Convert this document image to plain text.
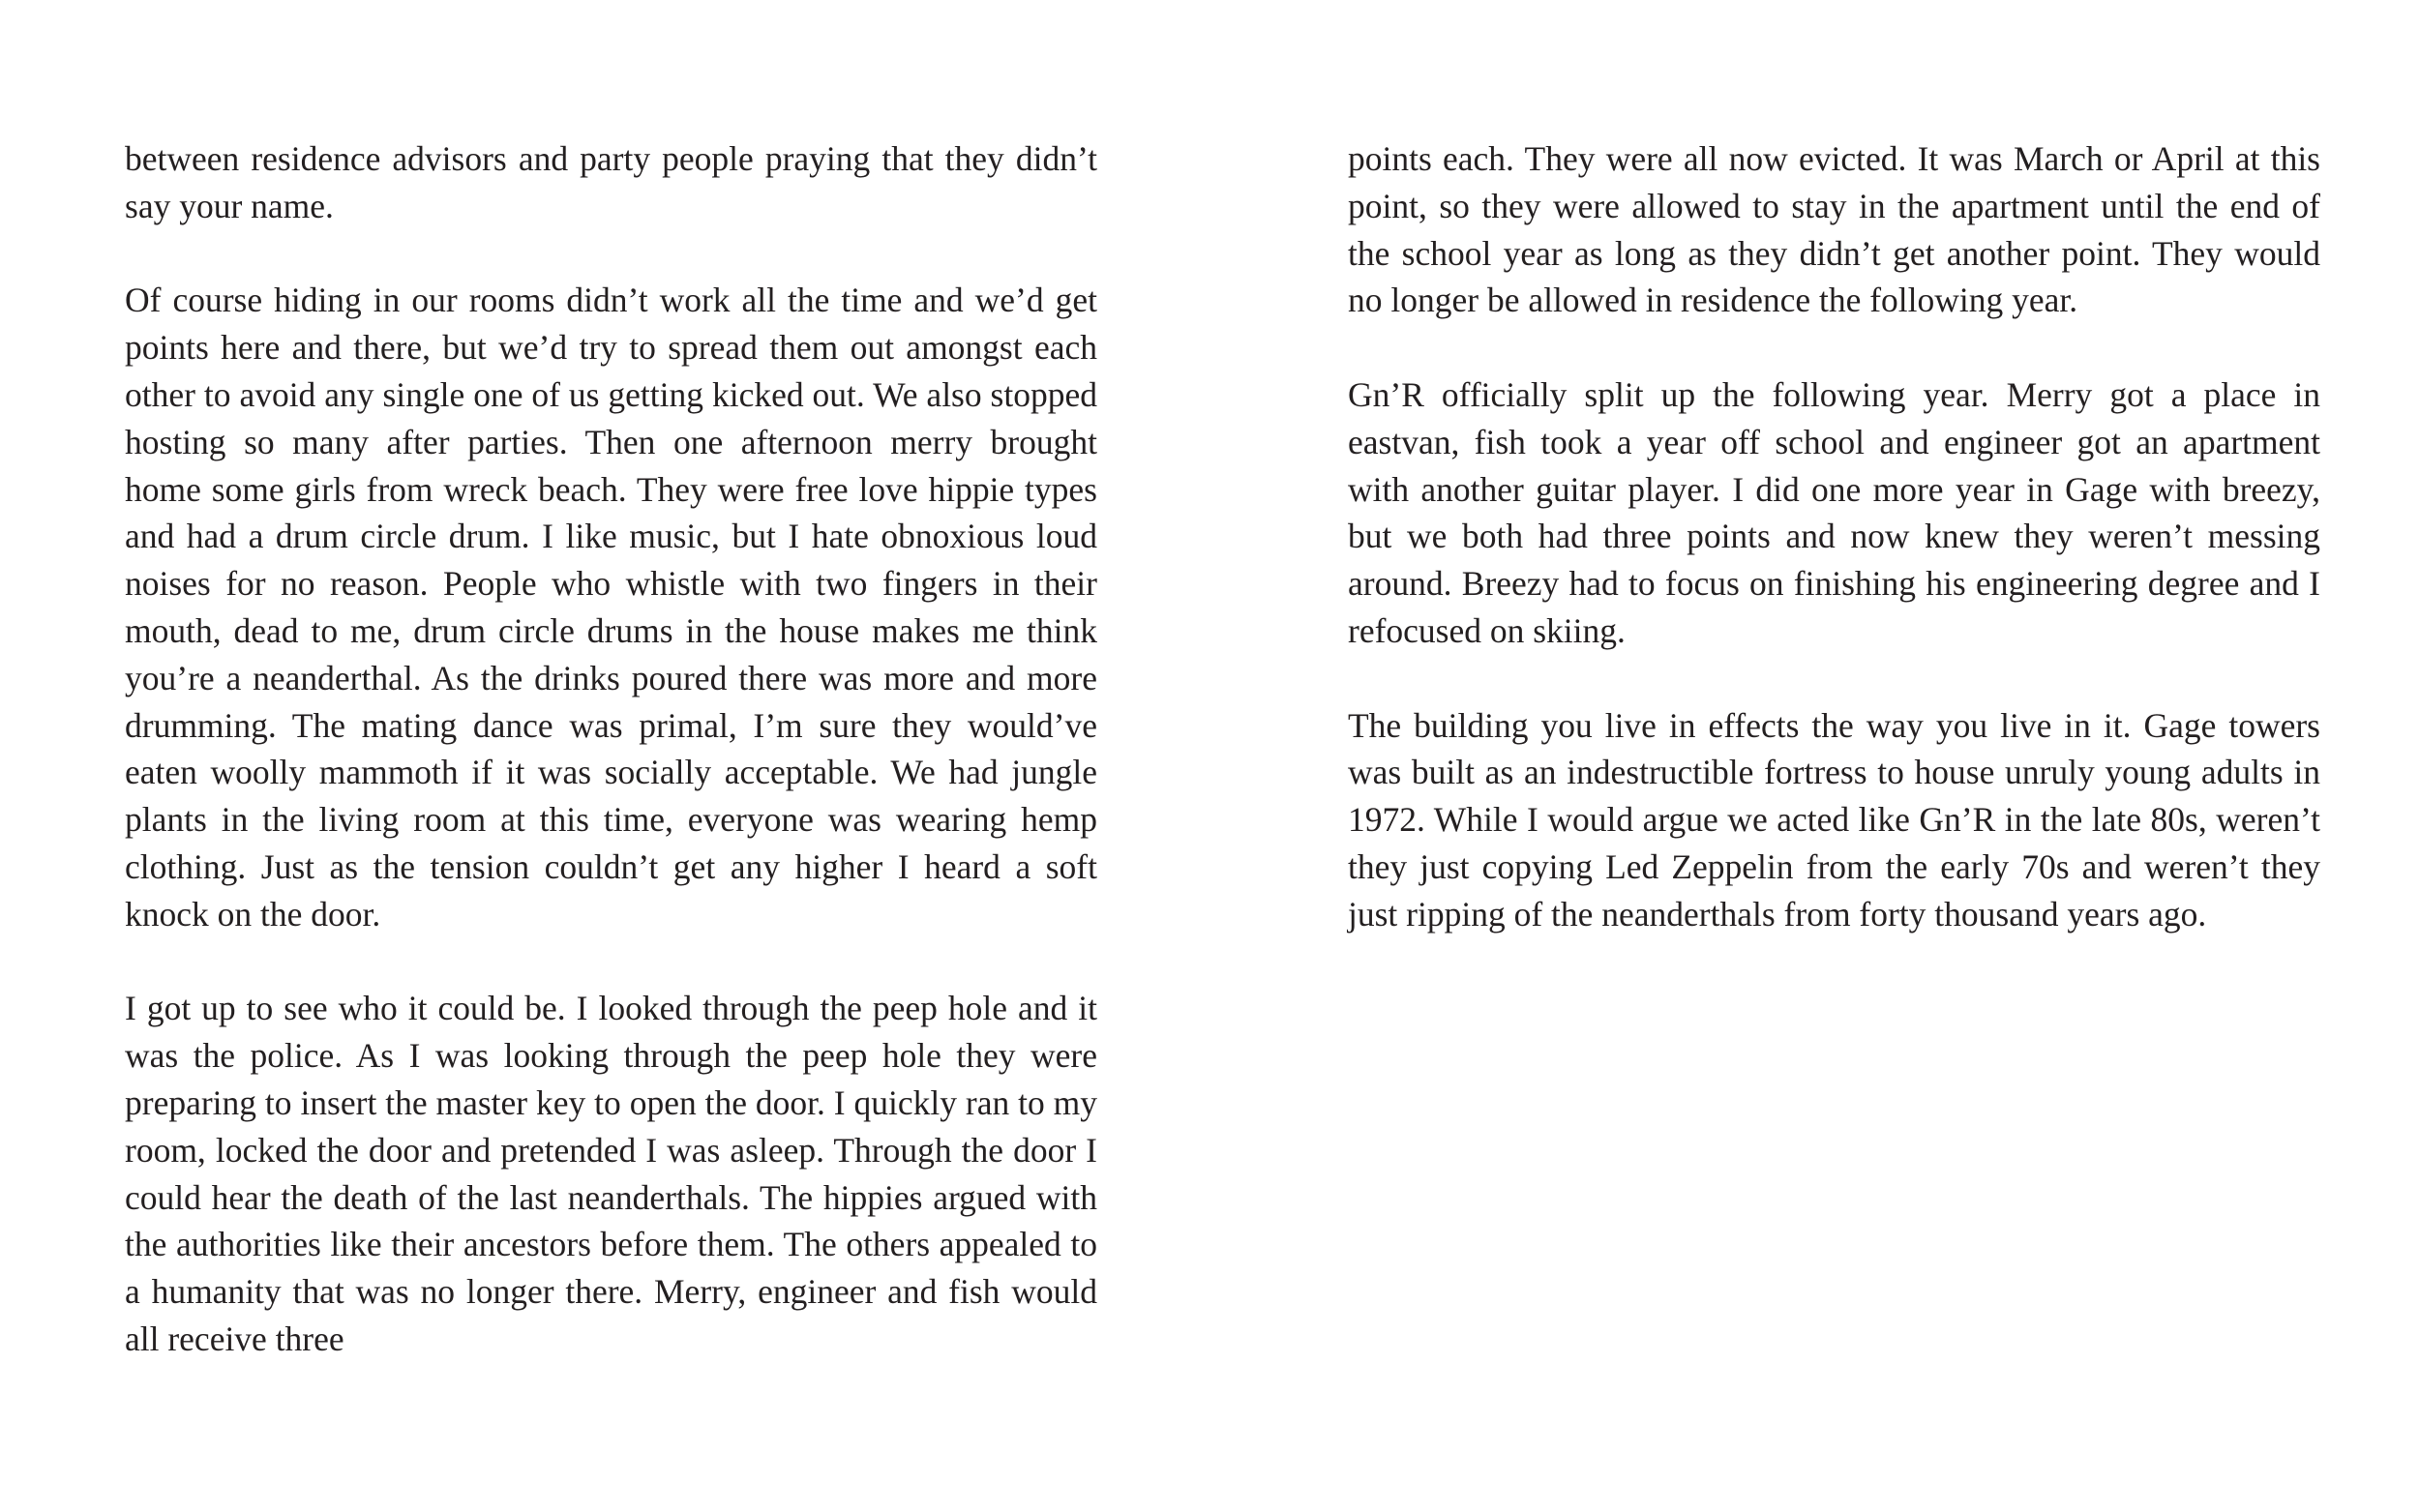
between residence advisors and party people praying that they didn’t say your name.

Of course hiding in our rooms didn’t work all the time and we’d get points here and there, but we’d try to spread them out amongst each other to avoid any single one of us getting kicked out. We also stopped hosting so many after parties. Then one afternoon merry brought home some girls from wreck beach. They were free love hippie types and had a drum circle drum. I like music, but I hate obnoxious loud noises for no reason. People who whistle with two fingers in their mouth, dead to me, drum circle drums in the house makes me think you’re a neanderthal. As the drinks poured there was more and more drumming. The mating dance was primal, I’m sure they would’ve eaten woolly mammoth if it was socially acceptable. We had jungle plants in the living room at this time, everyone was wearing hemp clothing. Just as the tension couldn’t get any higher I heard a soft knock on the door.

I got up to see who it could be. I looked through the peep hole and it was the police. As I was looking through the peep hole they were preparing to insert the master key to open the door. I quickly ran to my room, locked the door and pretended I was asleep. Through the door I could hear the death of the last neanderthals. The hippies argued with the authorities like their ancestors before them. The others appealed to a humanity that was no longer there. Merry, engineer and fish would all receive three

points each. They were all now evicted. It was March or April at this point, so they were allowed to stay in the apartment until the end of the school year as long as they didn’t get another point. They would no longer be allowed in residence the following year.

Gn’R officially split up the following year. Merry got a place in eastvan, fish took a year off school and engineer got an apartment with another guitar player. I did one more year in Gage with breezy, but we both had three points and now knew they weren’t messing around. Breezy had to focus on finishing his engineering degree and I refocused on skiing.

The building you live in effects the way you live in it. Gage towers was built as an indestructible fortress to house unruly young adults in 1972. While I would argue we acted like Gn’R in the late 80s, weren’t they just copying Led Zeppelin from the early 70s and weren’t they just ripping of the neanderthals from forty thousand years ago.
